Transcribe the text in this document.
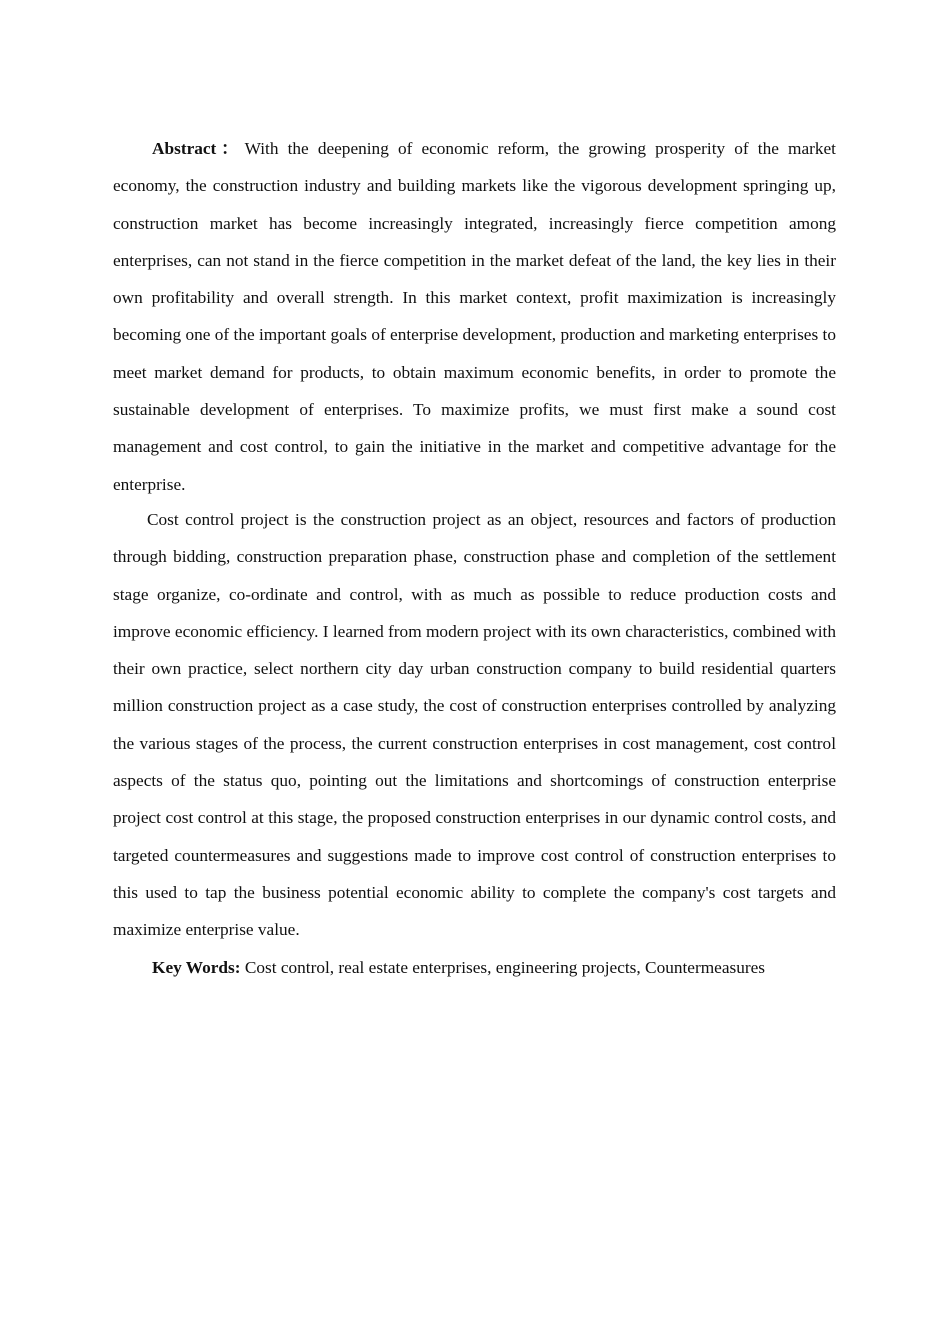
Abstract： With the deepening of economic reform, the growing prosperity of the market economy, the construction industry and building markets like the vigorous development springing up, construction market has become increasingly integrated, increasingly fierce competition among enterprises, can not stand in the fierce competition in the market defeat of the land, the key lies in their own profitability and overall strength. In this market context, profit maximization is increasingly becoming one of the important goals of enterprise development, production and marketing enterprises to meet market demand for products, to obtain maximum economic benefits, in order to promote the sustainable development of enterprises. To maximize profits, we must first make a sound cost management and cost control, to gain the initiative in the market and competitive advantage for the enterprise.

Cost control project is the construction project as an object, resources and factors of production through bidding, construction preparation phase, construction phase and completion of the settlement stage organize, co-ordinate and control, with as much as possible to reduce production costs and improve economic efficiency. I learned from modern project with its own characteristics, combined with their own practice, select northern city day urban construction company to build residential quarters million construction project as a case study, the cost of construction enterprises controlled by analyzing the various stages of the process, the current construction enterprises in cost management, cost control aspects of the status quo, pointing out the limitations and shortcomings of construction enterprise project cost control at this stage, the proposed construction enterprises in our dynamic control costs, and targeted countermeasures and suggestions made to improve cost control of construction enterprises to this used to tap the business potential economic ability to complete the company's cost targets and maximize enterprise value.

Key Words: Cost control, real estate enterprises, engineering projects, Countermeasures
